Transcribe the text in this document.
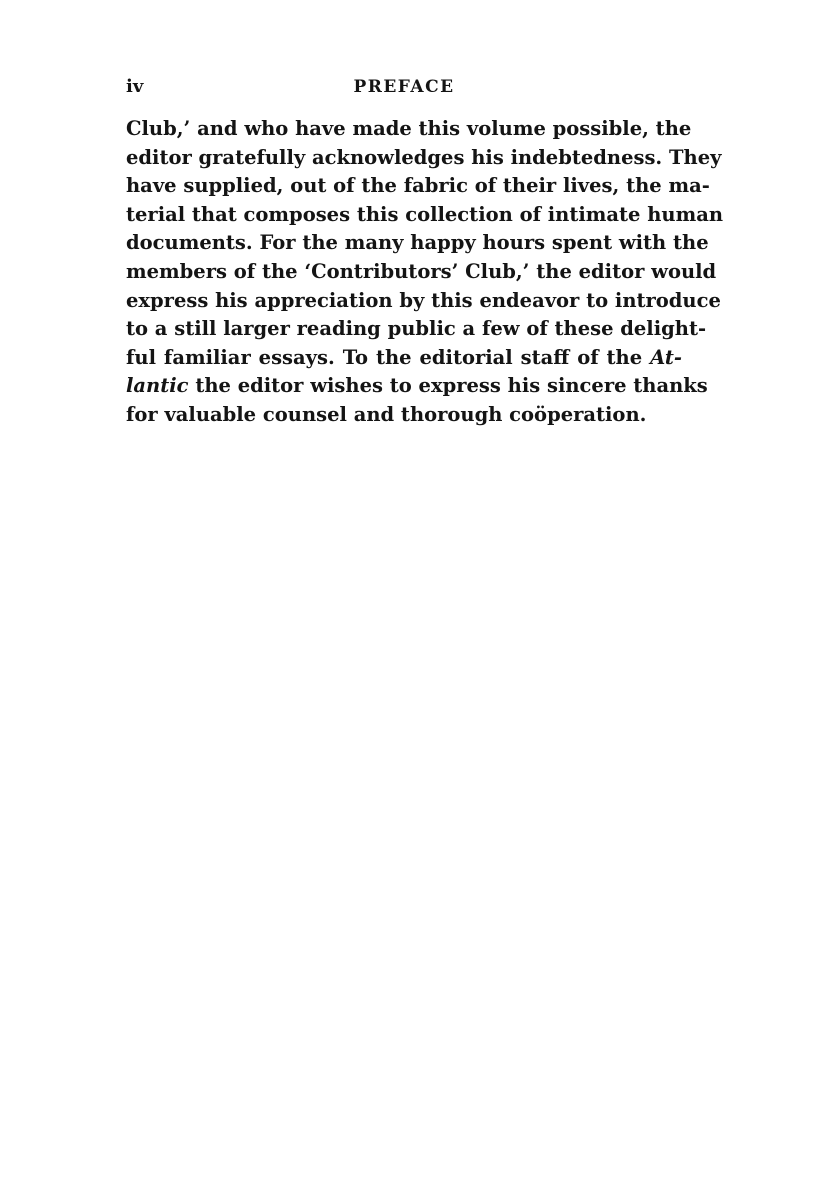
iv	PREFACE
Club,’ and who have made this volume possible, the
editor gratefully acknowledges his indebtedness. They
have supplied, out of the fabric of their lives, the ma-
terial that composes this collection of intimate human
documents. For the many happy hours spent with the
members of the ‘Contributors’ Club,’ the editor would
express his appreciation by this endeavor to introduce
to a still larger reading public a few of these delight-
ful familiar essays. To the editorial staff of the At-
lantic the editor wishes to express his sincere thanks
for valuable counsel and thorough coöperation.
